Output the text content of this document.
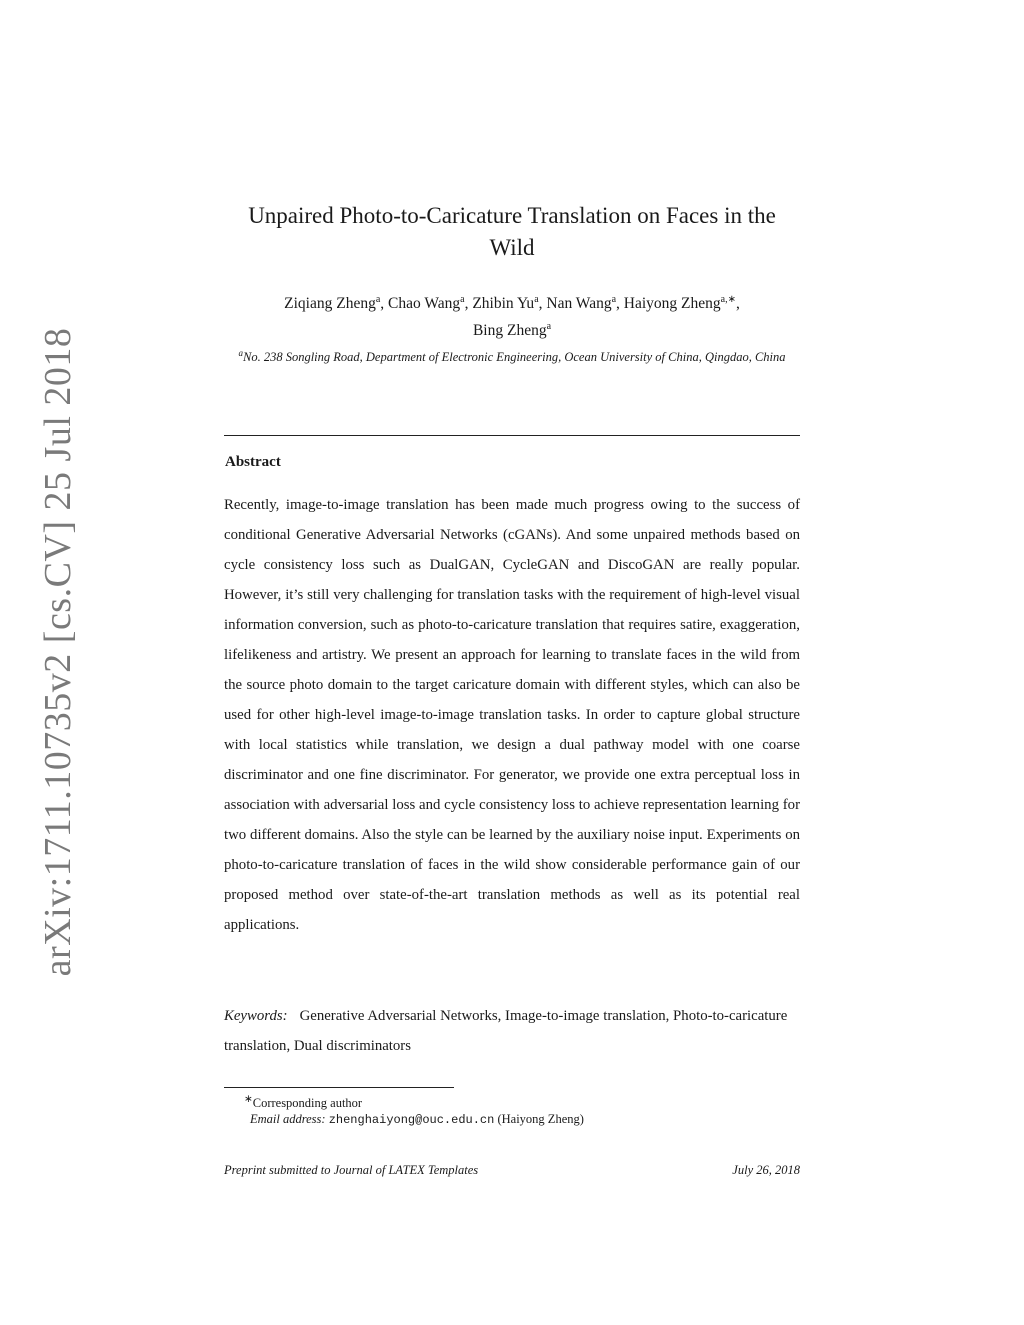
arXiv:1711.10735v2 [cs.CV] 25 Jul 2018
Unpaired Photo-to-Caricature Translation on Faces in the Wild
Ziqiang Zheng$^a$, Chao Wang$^a$, Zhibin Yu$^a$, Nan Wang$^a$, Haiyong Zheng$^{a,∗}$,
Bing Zheng$^a$
$^a$No. 238 Songling Road, Department of Electronic Engineering, Ocean University of China, Qingdao, China
Abstract
Recently, image-to-image translation has been made much progress owing to the success of conditional Generative Adversarial Networks (cGANs). And some unpaired methods based on cycle consistency loss such as DualGAN, CycleGAN and DiscoGAN are really popular. However, it’s still very challenging for translation tasks with the requirement of high-level visual information conversion, such as photo-to-caricature translation that requires satire, exaggeration, lifelikeness and artistry. We present an approach for learning to translate faces in the wild from the source photo domain to the target caricature domain with different styles, which can also be used for other high-level image-to-image translation tasks. In order to capture global structure with local statistics while translation, we design a dual pathway model with one coarse discriminator and one fine discriminator. For generator, we provide one extra perceptual loss in association with adversarial loss and cycle consistency loss to achieve representation learning for two different domains. Also the style can be learned by the auxiliary noise input. Experiments on photo-to-caricature translation of faces in the wild show considerable performance gain of our proposed method over state-of-the-art translation methods as well as its potential real applications.
Keywords: Generative Adversarial Networks, Image-to-image translation, Photo-to-caricature translation, Dual discriminators
∗Corresponding author
Email address: zhenghaiyong@ouc.edu.cn (Haiyong Zheng)
Preprint submitted to Journal of LATEX Templates	July 26, 2018
